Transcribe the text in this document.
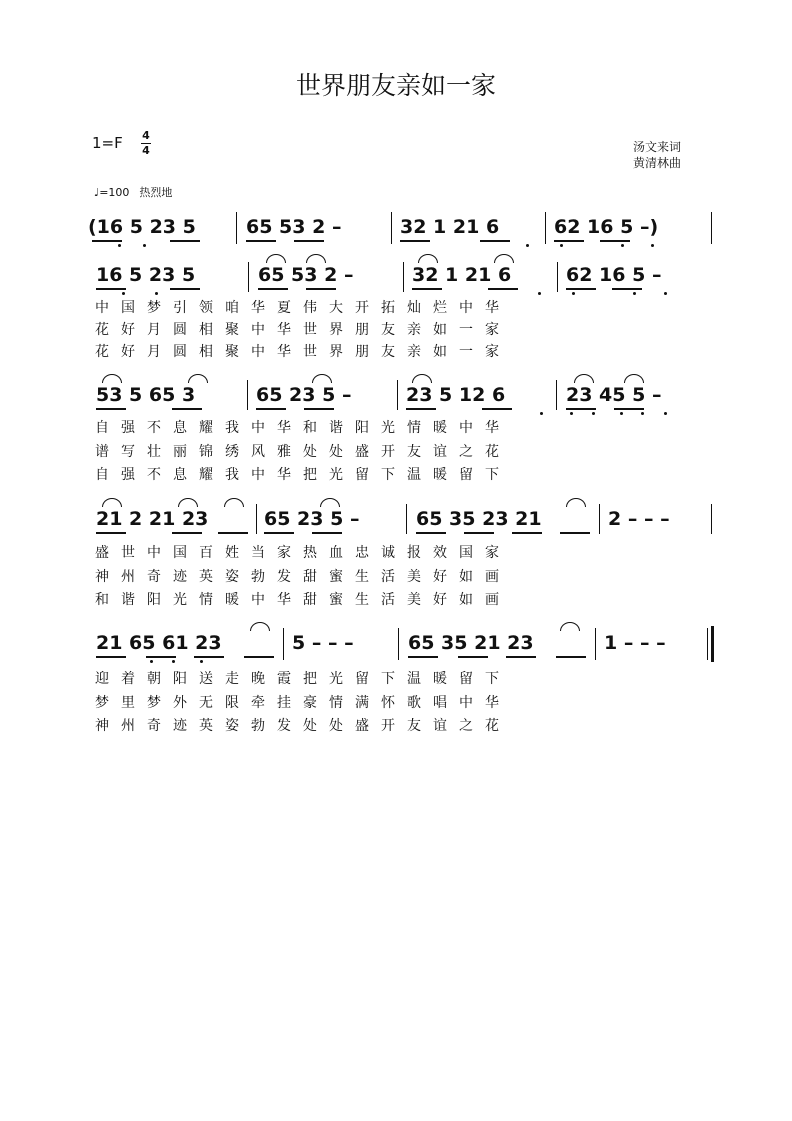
世界朋友亲如一家
1=F	4
4	汤文来词
黄清林曲
♩=100 热烈地
(16 5 23 5	65 53 2 –	32 1 21 6	62 16 5 –)
16 5 23 5	65 53 2 –	32 1 21 6	62 16 5 –
中国梦引领咱华夏伟大开拓灿烂中华
花好月圆相聚中华世界朋友亲如一家
花好月圆相聚中华世界朋友亲如一家
53 5 65 3	65 23 5 –	23 5 12 6	23 45 5 –
自强不息耀我中华和谐阳光情暖中华
谱写壮丽锦绣风雅处处盛开友谊之花
自强不息耀我中华把光留下温暖留下
21 2 21 23	65 23 5 –	65 35 23 21	2 – – –
盛世中国百姓当家热血忠诚报效国家
神州奇迹英姿勃发甜蜜生活美好如画
和谐阳光情暖中华甜蜜生活美好如画
21 65 61 23	5 – – –	65 35 21 23	1 – – –
迎着朝阳送走晚霞把光留下温暖留下
梦里梦外无限牵挂豪情满怀歌唱中华
神州奇迹英姿勃发处处盛开友谊之花
